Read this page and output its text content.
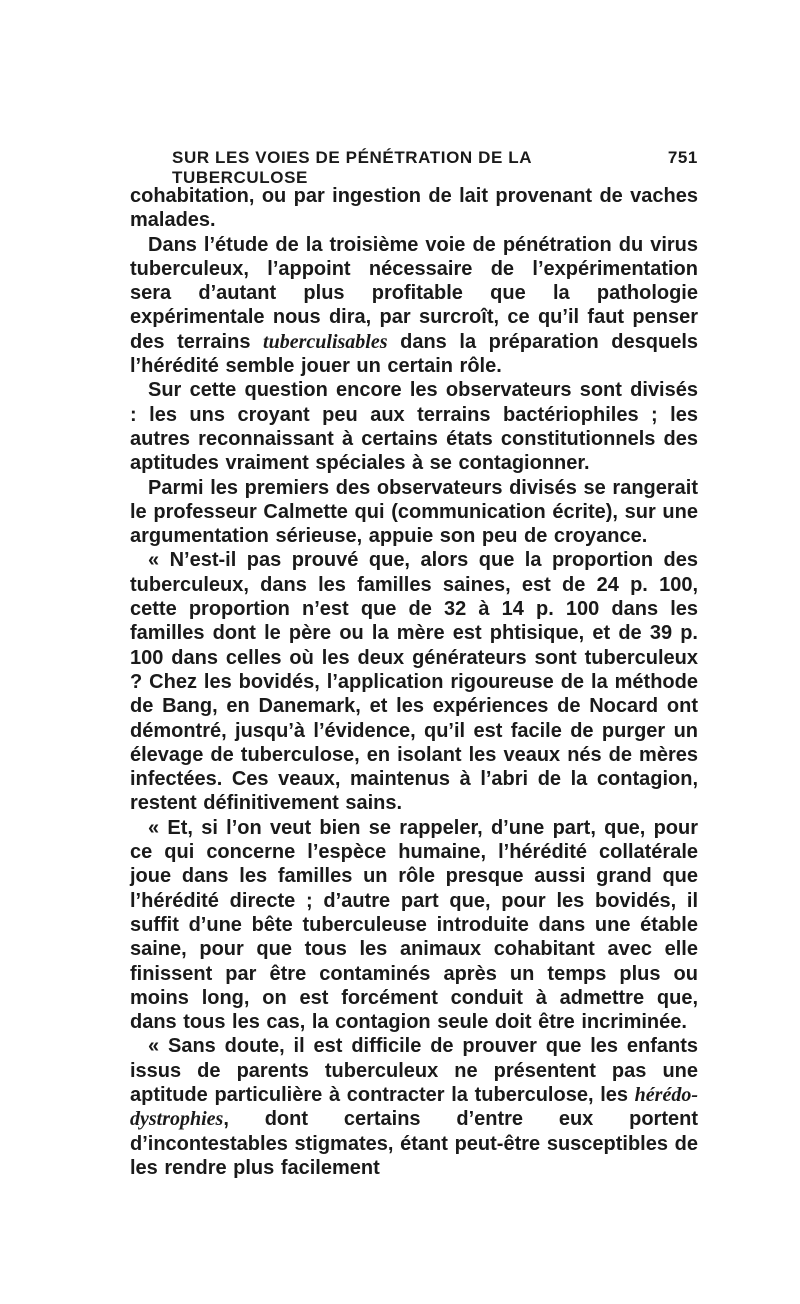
SUR LES VOIES DE PÉNÉTRATION DE LA TUBERCULOSE
751

cohabitation, ou par ingestion de lait provenant de vaches malades.

Dans l’étude de la troisième voie de pénétration du virus tuberculeux, l’appoint nécessaire de l’expérimentation sera d’autant plus profitable que la pathologie expérimentale nous dira, par surcroît, ce qu’il faut penser des terrains tuberculisables dans la préparation desquels l’hérédité semble jouer un certain rôle.

Sur cette question encore les observateurs sont divisés : les uns croyant peu aux terrains bactériophiles ; les autres reconnaissant à certains états constitutionnels des aptitudes vraiment spéciales à se contagionner.

Parmi les premiers des observateurs divisés se rangerait le professeur Calmette qui (communication écrite), sur une argumentation sérieuse, appuie son peu de croyance.

« N’est-il pas prouvé que, alors que la proportion des tuberculeux, dans les familles saines, est de 24 p. 100, cette proportion n’est que de 32 à 14 p. 100 dans les familles dont le père ou la mère est phtisique, et de 39 p. 100 dans celles où les deux générateurs sont tuberculeux ? Chez les bovidés, l’application rigoureuse de la méthode de Bang, en Danemark, et les expériences de Nocard ont démontré, jusqu’à l’évidence, qu’il est facile de purger un élevage de tuberculose, en isolant les veaux nés de mères infectées. Ces veaux, maintenus à l’abri de la contagion, restent définitivement sains.

« Et, si l’on veut bien se rappeler, d’une part, que, pour ce qui concerne l’espèce humaine, l’hérédité collatérale joue dans les familles un rôle presque aussi grand que l’hérédité directe ; d’autre part que, pour les bovidés, il suffit d’une bête tuberculeuse introduite dans une étable saine, pour que tous les animaux cohabitant avec elle finissent par être contaminés après un temps plus ou moins long, on est forcément conduit à admettre que, dans tous les cas, la contagion seule doit être incriminée.

« Sans doute, il est difficile de prouver que les enfants issus de parents tuberculeux ne présentent pas une aptitude particulière à contracter la tuberculose, les hérédo-dystrophies, dont certains d’entre eux portent d’incontestables stigmates, étant peut-être susceptibles de les rendre plus facilement
